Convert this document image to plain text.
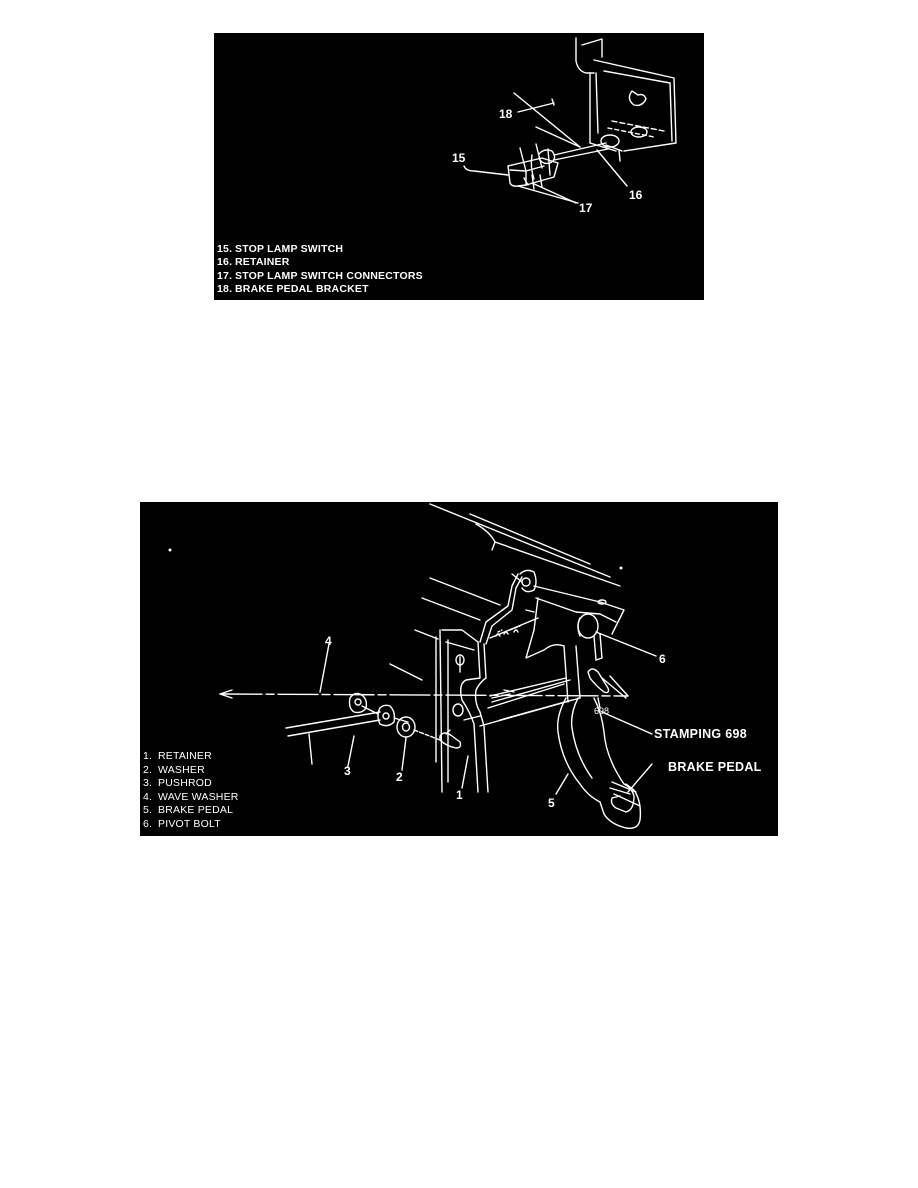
18
15
16
17
15. STOP LAMP SWITCH
16. RETAINER
17. STOP LAMP SWITCH CONNECTORS
18. BRAKE PEDAL BRACKET
4
6
3	2
1
5
698
STAMPING 698
BRAKE PEDAL
1. RETAINER
2. WASHER
3. PUSHROD
4. WAVE WASHER
5. BRAKE PEDAL
6. PIVOT BOLT
